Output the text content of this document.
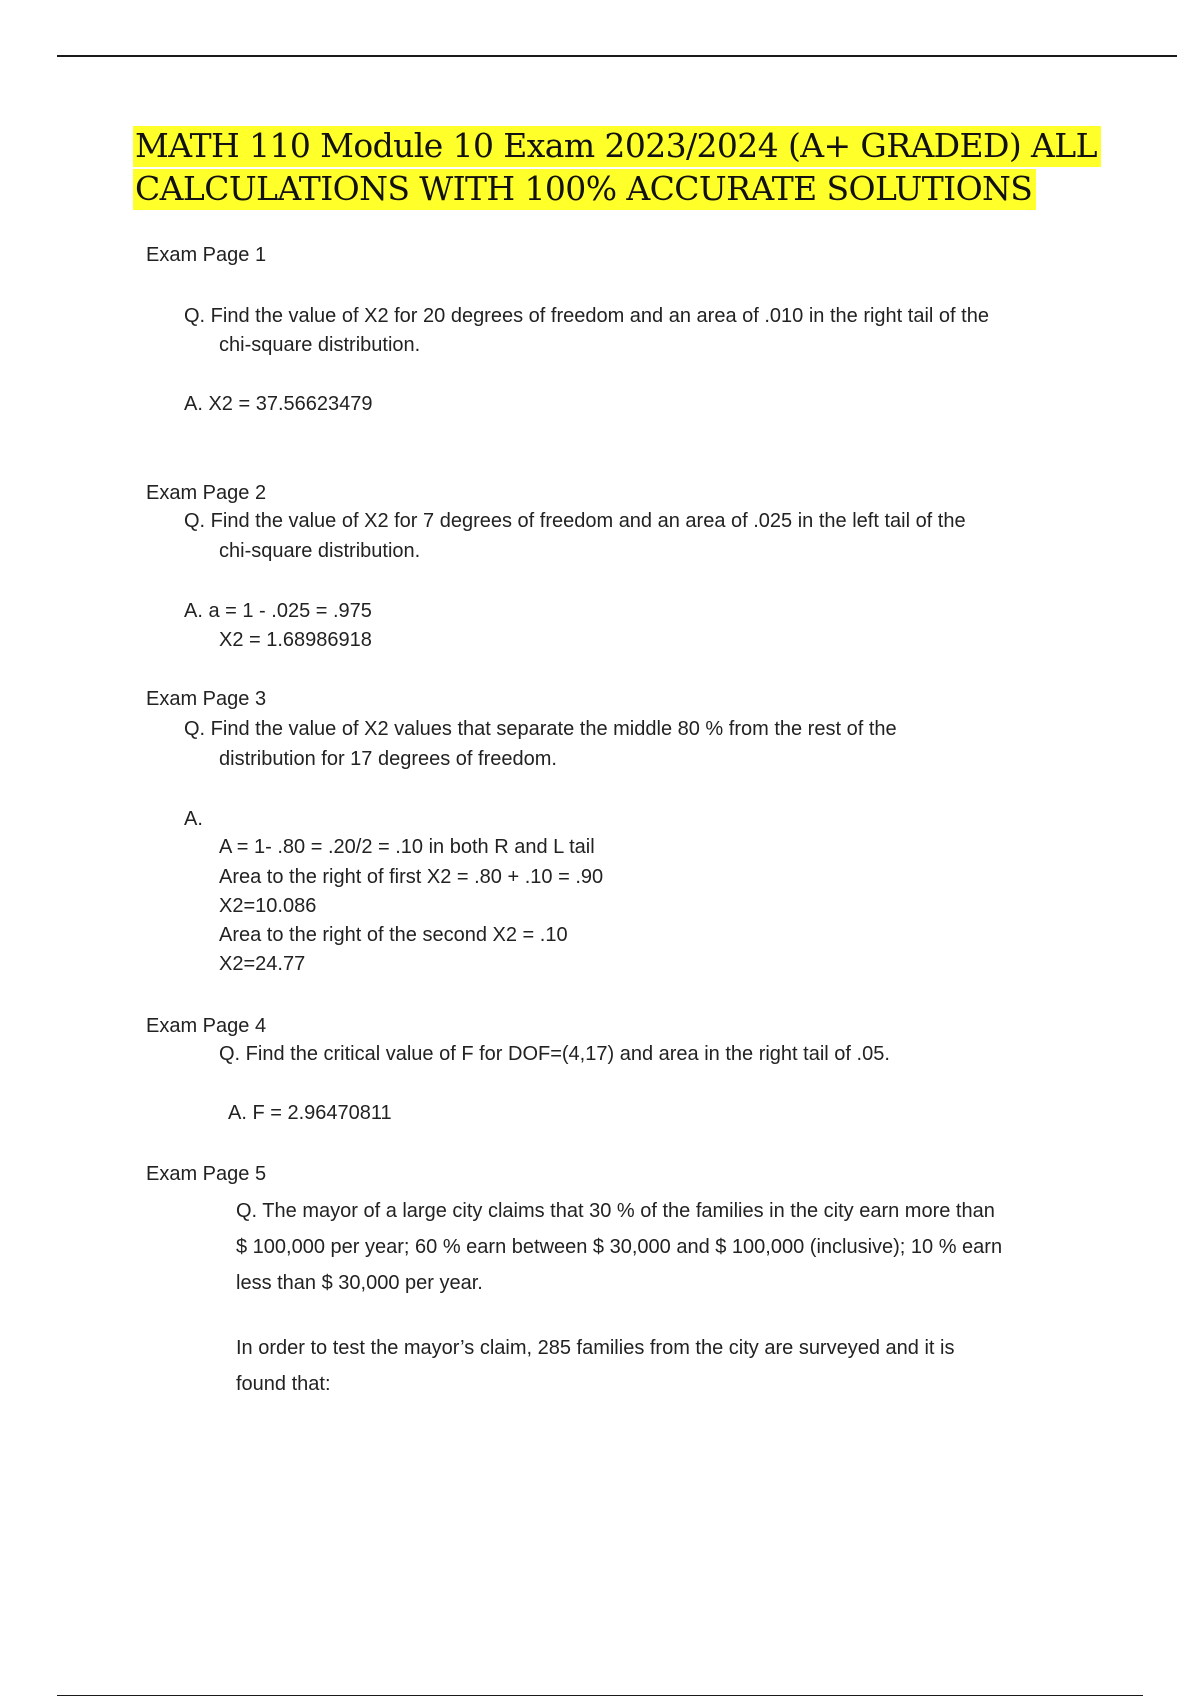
MATH 110 Module 10 Exam 2023/2024 (A+ GRADED) ALL
CALCULATIONS WITH 100% ACCURATE SOLUTIONS
Exam Page 1
Q. Find the value of X2 for 20 degrees of freedom and an area of .010 in the right tail of the
chi-square distribution.
A. X2 = 37.56623479
Exam Page 2
Q. Find the value of X2 for 7 degrees of freedom and an area of .025 in the left tail of the
chi-square distribution.
A. a = 1 - .025 = .975
X2 = 1.68986918
Exam Page 3
Q. Find the value of X2 values that separate the middle 80 % from the rest of the
distribution for 17 degrees of freedom.
A.
A = 1- .80 = .20/2 = .10 in both R and L tail
Area to the right of first X2 = .80 + .10 = .90
X2=10.086
Area to the right of the second X2 = .10
X2=24.77
Exam Page 4
Q. Find the critical value of F for DOF=(4,17) and area in the right tail of .05.
A. F = 2.96470811
Exam Page 5
Q. The mayor of a large city claims that 30 % of the families in the city earn more than
$ 100,000 per year; 60 % earn between $ 30,000 and $ 100,000 (inclusive); 10 % earn
less than $ 30,000 per year.
In order to test the mayor’s claim, 285 families from the city are surveyed and it is
found that:
